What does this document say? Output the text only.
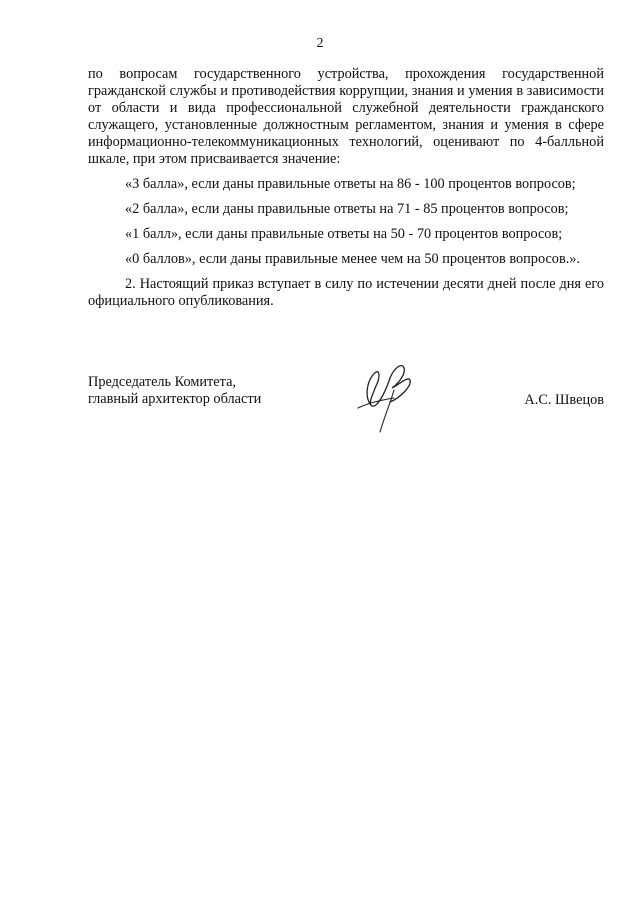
2

по вопросам государственного устройства, прохождения государственной гражданской службы и противодействия коррупции, знания и умения в зависимости от области и вида профессиональной служебной деятельности гражданского служащего, установленные должностным регламентом, знания и умения в сфере информационно-телекоммуникационных технологий, оценивают по 4-балльной шкале, при этом присваивается значение:

«3 балла», если даны правильные ответы на 86 - 100 процентов вопросов;

«2 балла», если даны правильные ответы на 71 - 85 процентов вопросов;

«1 балл», если даны правильные ответы на 50 - 70 процентов вопросов;

«0 баллов», если даны правильные менее чем на 50 процентов вопросов.».

2. Настоящий приказ вступает в силу по истечении десяти дней после дня его официального опубликования.

Председатель Комитета,
главный архитектор области	А.С. Швецов
